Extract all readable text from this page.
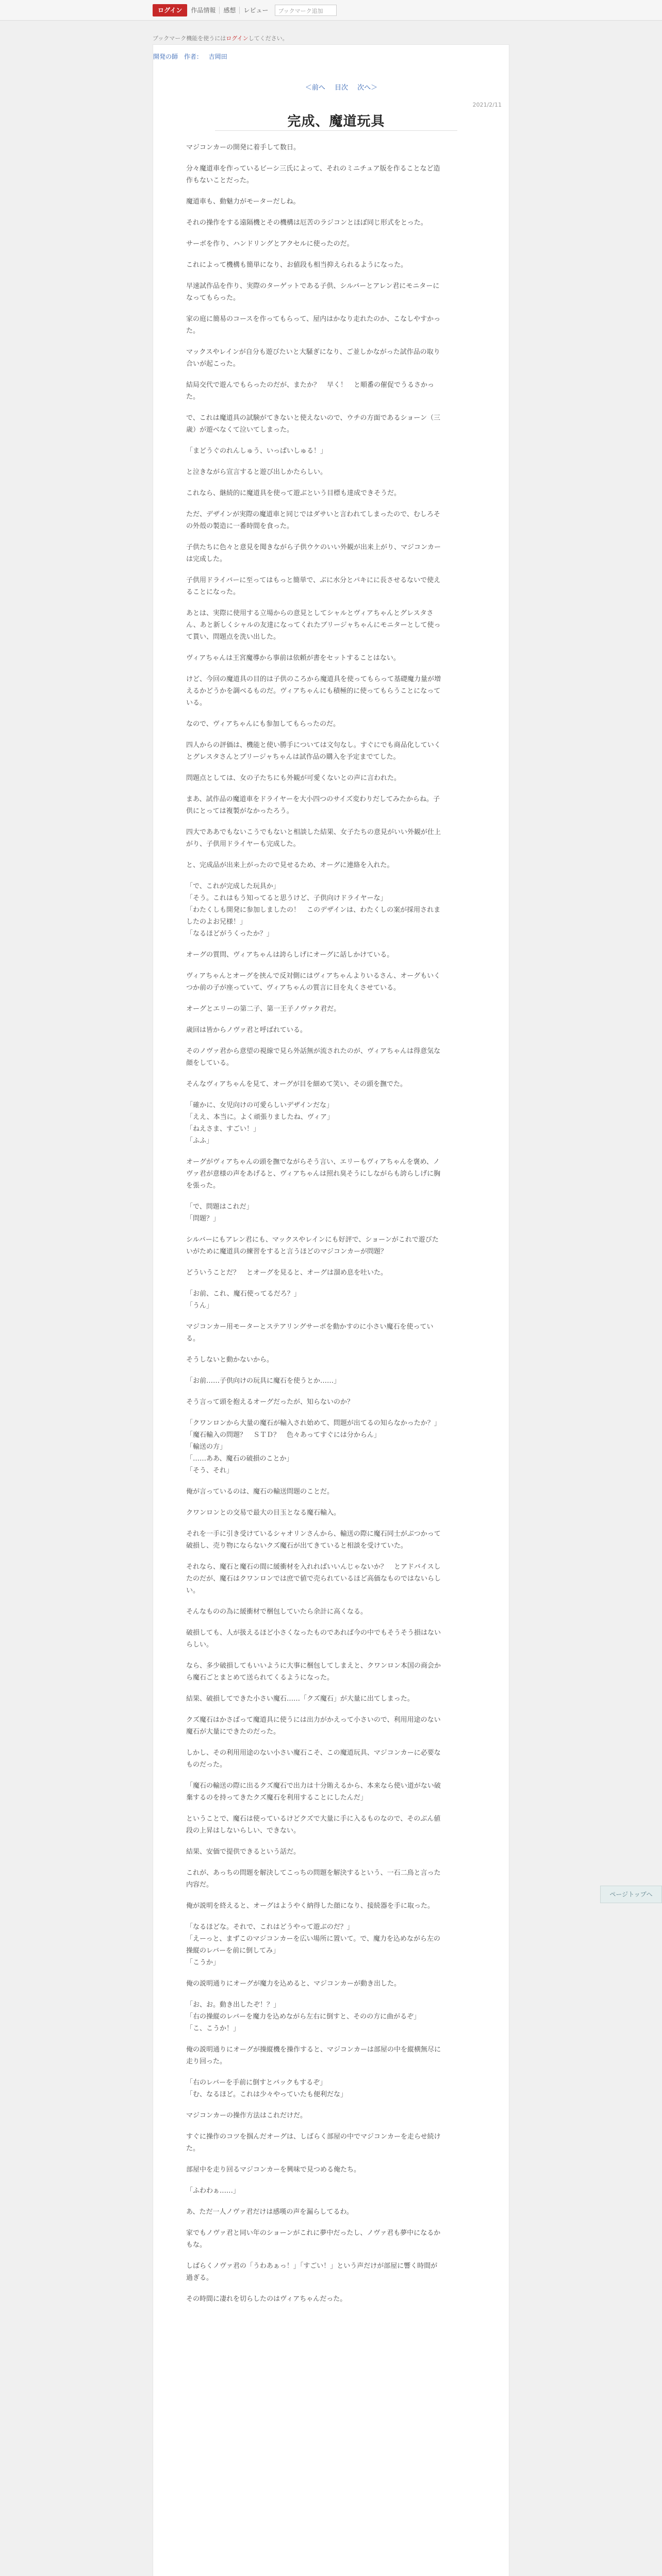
ログイン	作品情報	感想	レビュー	ブックマーク追加
ブックマーク機能を使うにはログインしてください。
開発の師 作者： 吉岡田
＜前へ 目次 次へ＞
2021/2/11
完成、魔道玩具

マジコンカーの開発に着手して数日。

分々魔道車を作っているビーシ三氏によって、それのミニチュア版を作ることなど造作もないことだった。

魔道車も、動魅力がモーターだしね。

それの操作をする遠隔機とその機構は厄苦のラジコンとほぼ同じ形式をとった。

サーボを作り、ハンドリングとアクセルに使ったのだ。

これによって機構も簡単になり、お値段も相当抑えられるようになった。

早速試作品を作り、実際のターゲットである子供、シルバーとアレン君にモニターになってもらった。

家の庭に簡易のコースを作ってもらって、屋内はかなり走れたのか、こなしやすかった。

マックスやレインが自分も遊びたいと大騒ぎになり、ご並しかながった試作品の取り合いが起こった。

結局交代で遊んでもらったのだが、またか？　早く！　と順番の催促でうるさかった。

で、これは魔道具の試験がてきないと使えないので、ウチの方面であるショーン（三歳）が遊べなくて泣いてしまった。

「まどうぐのれんしゅう、いっぱいしゅる！」

と泣きながら宣言すると遊び出しかたらしい。

これなら、継続的に魔道具を使って遊ぶという目標も達成できそうだ。

ただ、デザインが実際の魔道車と同じではダサいと言われてしまったので、むしろその外殻の製造に一番時間を食った。

子供たちに色々と意見を聞きながら子供ウケのいい外観が出来上がり、マジコンカーは完成した。

子供用ドライバーに至ってはもっと簡単で、ぶに水分とパキにに長させるないで使えることになった。

あとは、実際に使用する立場からの意見としてシャルとヴィアちゃんとグレスタさん、あと新しくシャルの友達になってくれたブリージャちゃんにモニターとして使って貰い、問題点を洗い出した。

ヴィアちゃんは王宮魔導から事前は依頼が書をセットすることはない。

けど、今回の魔道具の目的は子供のころから魔道具を使ってもらって基礎魔力量が増えるかどうかを調べるものだ。ヴィアちゃんにも積極的に使ってもらうことになっている。

なので、ヴィアちゃんにも参加してもらったのだ。

四人からの評価は、機能と使い勝手については文句なし。すぐにでも商品化していくとグレスタさんとブリージャちゃんは試作品の購入を予定までてした。

問題点としては、女の子たちにも外観が可愛くないとの声に言われた。

まあ、試作品の魔道車をドライヤーを大小四つのサイズ変わりだしてみたからね。子供にとっては複製がなかったろう。

四大でああでもないこうでもないと相談した結果、女子たちの意見がいい外観が仕上がり、子供用ドライヤーも完成した。

と、完成品が出来上がったので見せるため、オーグに連絡を入れた。

「で、これが完成した玩具か」
「そう。これはもう知ってると思うけど、子供向けドライヤーな」
「わたくしも開発に参加しましたの！　このデザインは、わたくしの案が採用されましたのよお兄様！」
「なるほどがうくったか？」

オーグの質問、ヴィアちゃんは誇らしげにオーグに話しかけている。

ヴィアちゃんとオーグを挟んで反対側にはヴィアちゃんよりいるさん、オーグもいくつか前の子が座っていて、ヴィアちゃんの質言に目を丸くさせている。

オーグとエリーの第二子、第一王子ノヴァク君だ。

歳回は皆からノヴァ君と呼ばれている。

そのノヴァ君から意望の視線で見ら外話無が流されたのが、ヴィアちゃんは得意気な顔をしている。

そんなヴィアちゃんを見て、オーグが目を細めて笑い、その頭を撫でた。

「確かに、女児向けの可愛らしいデザインだな」
「ええ、本当に。よく頑張りましたね、ヴィア」
「ねえさま、すごい！」
「ふふ」

オーグがヴィアちゃんの頭を撫でながらそう言い、エリーもヴィアちゃんを褒め、ノヴァ君が意様の声をあげると、ヴィアちゃんは照れ臭そうにしながらも誇らしげに胸を張った。

「で、問題はこれだ」
「問題？」

シルバーにもアレン君にも、マックスやレインにも好評で、ショーンがこれで遊びたいがために魔道具の練習をすると言うほどのマジコンカーが問題？

どういうことだ？　とオーグを見ると、オーグは溜め息を吐いた。

「お前、これ、魔石使ってるだろ？」
「うん」

マジコンカー用モーターとステアリングサーボを動かすのに小さい魔石を使っている。

そうしないと動かないから。

「お前……子供向けの玩具に魔石を使うとか……」

そう言って頭を抱えるオーグだったが、知らないのか？

「クワンロンから大量の魔石が輸入され始めて、問題が出てるの知らなかったか？」
「魔石輸入の問題？　ＳＴＤ？　色々あってすぐには分からん」
「輸送の方」
「……ああ、魔石の破損のことか」
「そう、それ」

俺が言っているのは、魔石の輸送問題のことだ。

クワンロンとの交易で最大の目玉となる魔石輸入。

それを一手に引き受けているシャオリンさんから、輸送の際に魔石同士がぶつかって破損し、売り物にならないクズ魔石が出てきていると相談を受けていた。

それなら、魔石と魔石の間に緩衝材を入れればいいんじゃないか？　とアドバイスしたのだが、魔石はクワンロンでは庶で値で売られているほど高価なものではないらしい。

そんなものの為に緩衝材で梱包していたら余計に高くなる。

破損しても、人が扱えるほど小さくなったものであれば今の中でもそうそう損はないらしい。

なら、多少破損してもいいように大事に梱包してしまえと、クワンロン本国の商会から魔石ごとまとめて送られてくるようになった。

結果、破損してできた小さい魔石……「クズ魔石」が大量に出てしまった。

クズ魔石はかさばって魔道具に使うには出力がかえって小さいので、利用用途のない魔石が大量にできたのだった。

しかし、その利用用途のない小さい魔石こそ、この魔道玩具、マジコンカーに必要なものだった。

「魔石の輸送の際に出るクズ魔石で出力は十分賄えるから、本来なら使い道がない破棄するのを持ってきたクズ魔石を利用することにしたんだ」

ということで、魔石は使っているけどクズで大量に手に入るものなので、そのぶん値段の上昇はしないらしい、できない。

結果、安価で提供できるという話だ。

これが、あっちの問題を解決してこっちの問題を解決するという、一石二鳥と言った内容だ。

俺が説明を終えると、オーグはようやく納得した顔になり、接続器を手に取った。

「なるほどな。それで、これはどうやって遊ぶのだ？」
「えーっと、まずこのマジコンカーを広い場所に置いて。で、魔力を込めながら左の操縦のレバーを前に倒してみ」
「こうか」

俺の説明通りにオーグが魔力を込めると、マジコンカーが動き出した。

「お、お。動き出したぞ！？」
「右の操縦のレバーを魔力を込めながら左右に倒すと、そのの方に曲がるぞ」
「こ、こうか！」

俺の説明通りにオーグが操縦機を操作すると、マジコンカーは部屋の中を縦横無尽に走り回った。

「右のレバーを手前に倒すとバックもするぞ」
「む、なるほど。これは少々やっていたも便利だな」

マジコンカーの操作方法はこれだけだ。

すぐに操作のコツを掴んだオーグは、しばらく部屋の中でマジコンカーを走らせ続けた。

部屋中を走り回るマジコンカーを興味で見つめる俺たち。

「ふわわぁ……」

あ、ただ一人ノヴァ君だけは感嘆の声を漏らしてるわ。

家でもノヴァ君と同い年のショーンがこれに夢中だったし、ノヴァ君も夢中になるかもな。

しばらくノヴァ君の「うわあぁっ！」「すごい！」という声だけが部屋に響く時間が過ぎる。

その時間に凄れを切らしたのはヴィアちゃんだった。

ページトップへ
